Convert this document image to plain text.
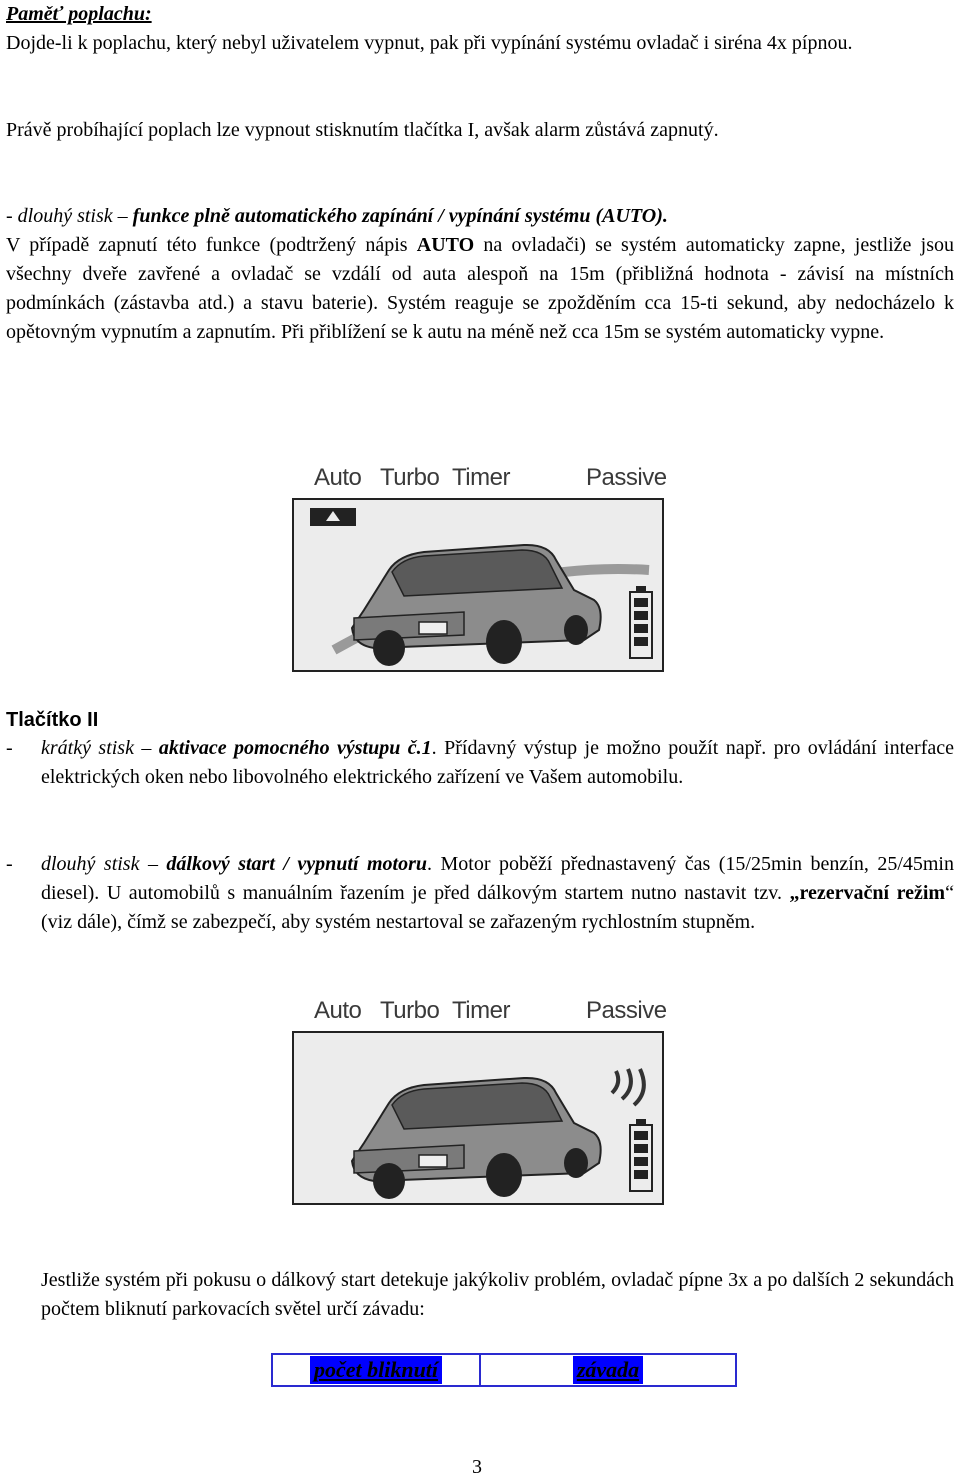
Paměť poplachu:

Dojde-li k poplachu, který nebyl uživatelem vypnut, pak při vypínání systému ovladač i siréna 4x pípnou.

Právě probíhající poplach lze vypnout stisknutím tlačítka I, avšak alarm zůstává zapnutý.

- dlouhý stisk – funkce plně automatického zapínání / vypínání systému (AUTO).

V případě zapnutí této funkce (podtržený nápis AUTO na ovladači) se systém automaticky zapne, jestliže jsou všechny dveře zavřené a ovladač se vzdálí od auta alespoň na 15m (přibližná hodnota - závisí na místních podmínkách (zástavba atd.) a stavu baterie). Systém reaguje se zpožděním cca 15-ti sekund, aby nedocházelo k opětovným vypnutím a zapnutím. Při přiblížení se k autu na méně než cca 15m se systém automaticky vypne.

Auto Turbo Timer	Passive

Tlačítko II

- krátký stisk – aktivace pomocného výstupu č.1. Přídavný výstup je možno použít např. pro ovládání interface elektrických oken nebo libovolného elektrického zařízení ve Vašem automobilu.

- dlouhý stisk – dálkový start / vypnutí motoru. Motor poběží přednastavený čas (15/25min benzín, 25/45min diesel). U automobilů s manuálním řazením je před dálkovým startem nutno nastavit tzv. „rezervační režim“ (viz dále), čímž se zabezpečí, aby systém nestartoval se zařazeným rychlostním stupněm.

Auto Turbo Timer	Passive

Jestliže systém při pokusu o dálkový start detekuje jakýkoliv problém, ovladač pípne 3x a po dalších 2 sekundách počtem bliknutí parkovacích světel určí závadu:

počet bliknutí	závada

3
